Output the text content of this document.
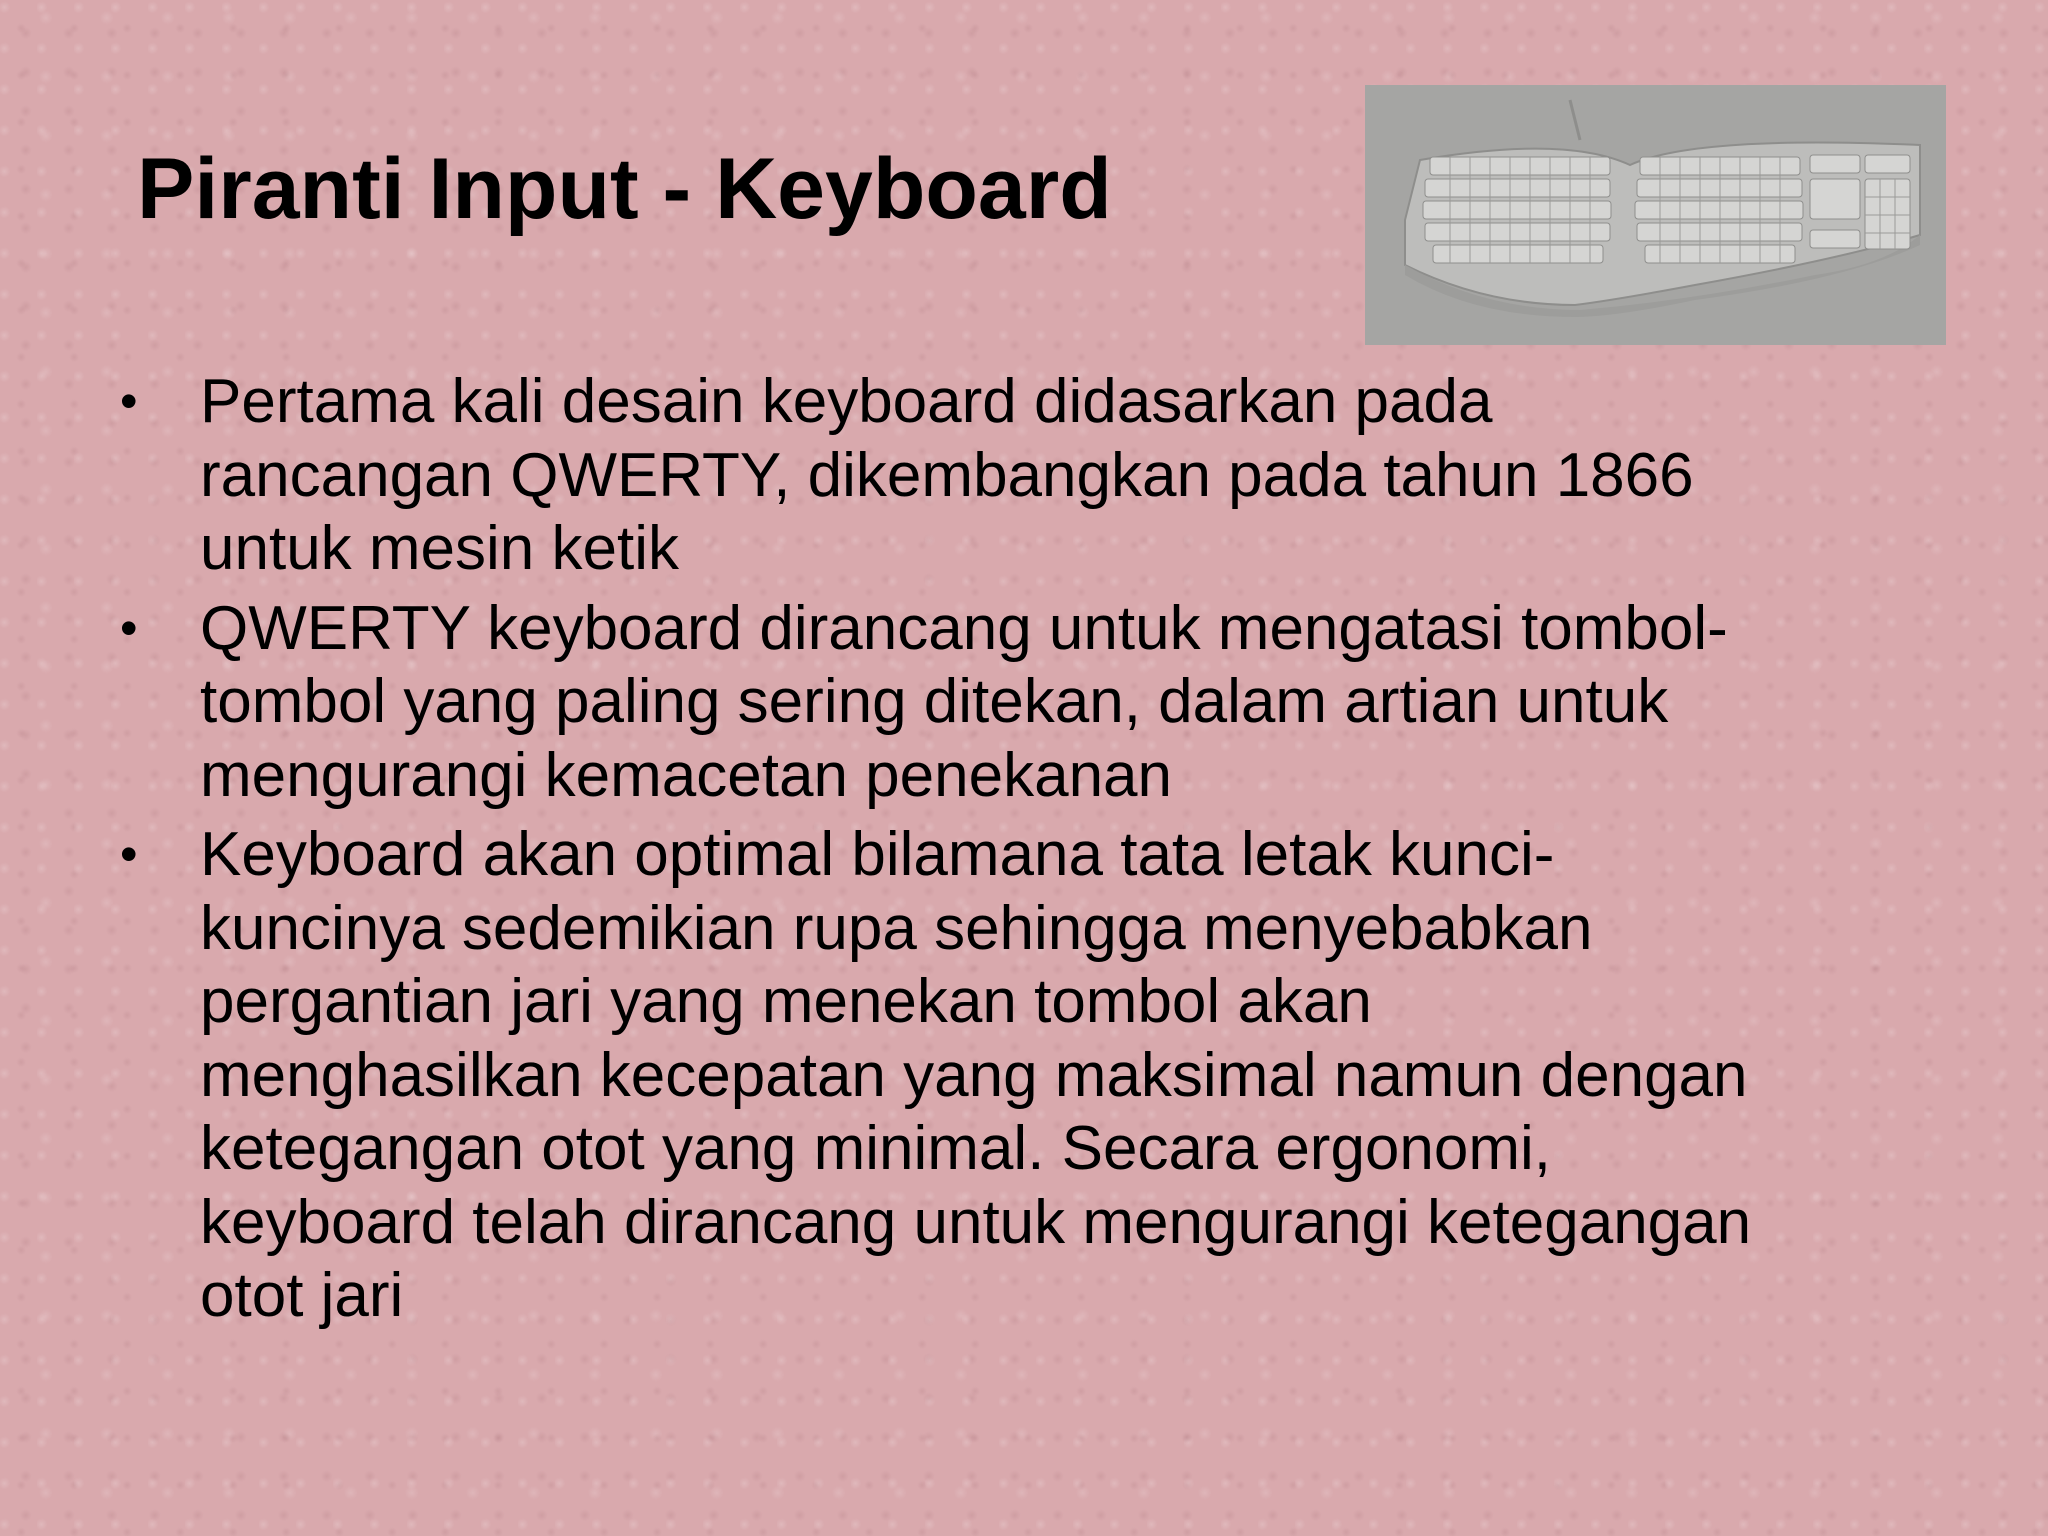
Piranti Input - Keyboard
• Pertama kali desain keyboard didasarkan pada
rancangan QWERTY, dikembangkan pada tahun 1866
untuk mesin ketik
• QWERTY keyboard dirancang untuk mengatasi tombol-
tombol yang paling sering ditekan, dalam artian untuk
mengurangi kemacetan penekanan
• Keyboard akan optimal bilamana tata letak kunci-
kuncinya sedemikian rupa sehingga menyebabkan
pergantian jari yang menekan tombol akan
menghasilkan kecepatan yang maksimal namun dengan
ketegangan otot yang minimal. Secara ergonomi,
keyboard telah dirancang untuk mengurangi ketegangan
otot jari
